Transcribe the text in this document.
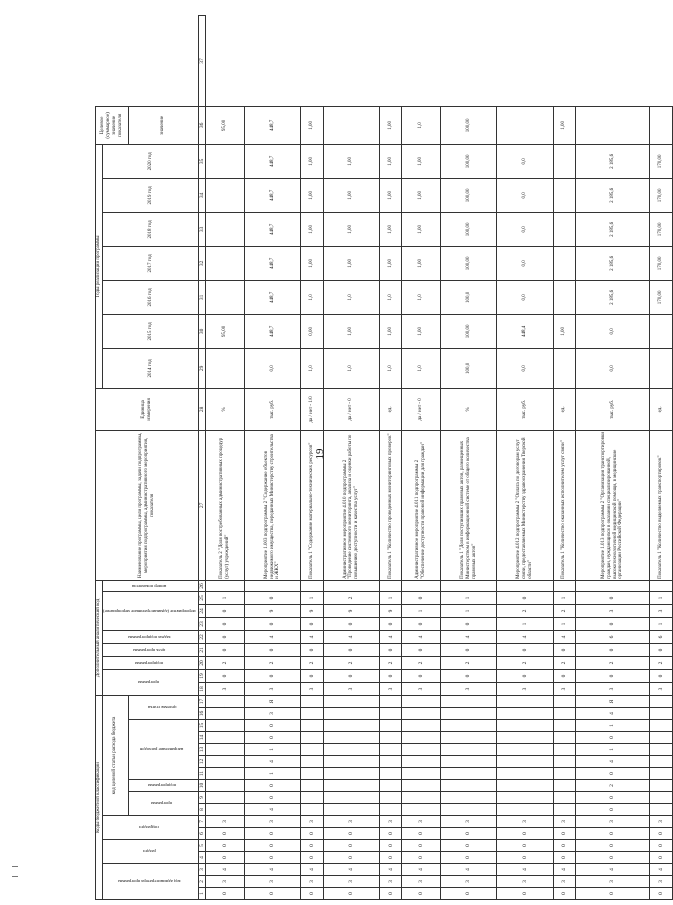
19
Коды бюджетной классификации																	Дополнительный аналитический код									Наименование программы, цели программы, задачи подпрограммы, мероприятия подпрограммы, административного мероприятия, показателя	Единица измерения	Годы реализации программы							Целевое (суммарное) значение показателя	
код администратора программы			раздел		подраздел		код целевой статьи расхода бюджета										программа		подпрограмма	цель программы	задача подпрограммы	мероприятие (административное мероприятие)			номер показателя			2014 год	2015 год	2016 год	2017 год	2018 год	2019 год	2020 год		
							программа		подпрограмма	направление расходов					целевая статья																				значение	
1	2	3	4	5	6	7	8	9	10	11	12	13	14	15	16	17	18	19	20	21	22	23	24	25	26	27	28	29	30	31	32	33	34	35	36	37
0	3	4	0	0	0	3											3	0	2	0	0	0	0	1		Показатель 2 "Доля востребованных административных процедур (услуг) учреждений"	%		95,00						95,00	
0	3	4	0	0	0	3	4	0	0	1	4	1	0	0	3	Я	3	0	2	0	4	0	9	0		Мероприятие 1.003 подпрограммы 2 "Содержание объектов недвижимого имущества, переданных Министерству строительства и ЖКХ"	тыс. руб.	0,0	448,7	448,7	448,7	448,7	448,7	448,7	448,7	
0	3	4	0	0	0	3											3	0	2	0	4	0	9	1		Показатель 1 "Содержание материально-технических ресурсов"	да / нет - 1/0	1,0	0,00	1,0	1,00	1,00	1,00	1,00	1,00	
0	3	4	0	0	0	3											3	0	2	0	4	0	9	2		Административное мероприятие 4.010 подпрограммы 2 "Проведение системного мониторинга, анализа и оценки работы по повышению доступности и качества услуг"	да / нет - 0	1,0	1,00	1,0	1,00	1,00	1,00	1,00		
0	3	4	0	0	0	3											3	0	2	0	4	0	9	1		Показатель 1 "Количество проведенных мониторинговых проверок"	ед.	1,0	1,00	1,0	1,00	1,00	1,00	1,00	1,00	
0	3	4	0	0	0	3											3	0	2	0	4	0	1	0		Административное мероприятие 4.011 подпрограммы 2 "Обеспечение доступности правовой информации для граждан"	да / нет - 0	1,0	1,00	1,0	1,00	1,00	1,00	1,00	1,0	
0	3	4	0	0	0	3											3	0	2	0	4	0	1	1		Показатель 1 "Доля поступивших правовых актов, размещенных Министерством в информационной системе от общего количества правовых актов"	%	100,0	100,00	100,0	100,00	100,00	100,00	100,00	100,00	
0	3	4	0	0	0	3											3	0	2	0	4	1	2	0		Мероприятие 4.012 подпрограммы 2 "Оплата по договорам услуг связи, предоставляемых Министерству здравоохранения Тверской области"	тыс. руб.	0,0	448,4	0,0	0,0	0,0	0,0	0,0		
0	3	4	0	0	0	3											3	0	2	0	4	1	2	1		Показатель 1 "Количество оказанных исполнителем услуг связи"	ед.		1,00						1,00	
0	3	4	0	0	0	3	0	0	2	0	4	1	0	1	4	Я	3	0	2	0	6	0	3	0		Мероприятие 1.013 подпрограммы 2 "Организация транспортировки граждан, нуждающихся в оказании специализированной, высокотехнологичной медицинской помощи, в медицинские организации Российской Федерации"	тыс. руб.	0,0	0,0	2 185,6	2 185,6	2 185,6	2 185,6	2 185,6		
0	3	4	0	0	0	3											3	0	2	0	6	1	3	1		Показатель 1 "Количество выделяемых транспортировок"	ед.			170,00	170,00	170,00	170,00	170,00		
